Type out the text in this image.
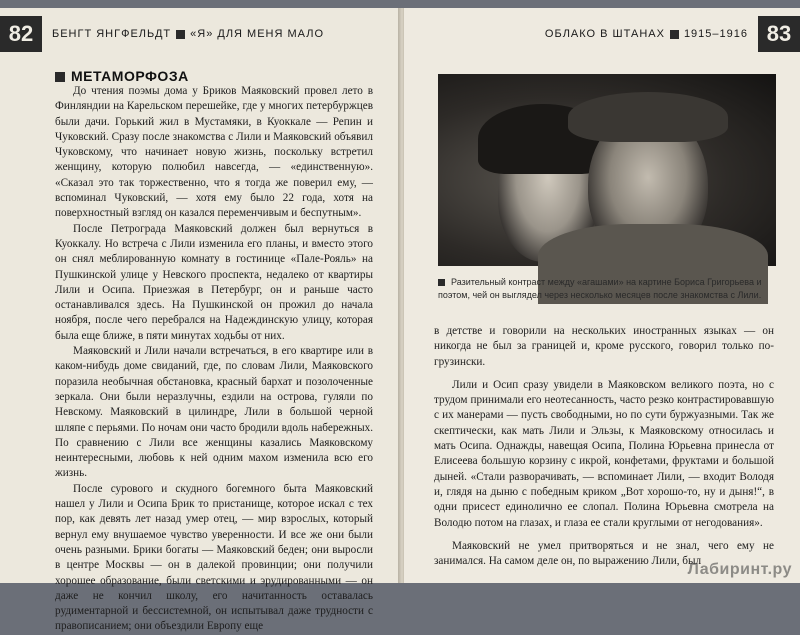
82	БЕНГТ ЯНГФЕЛЬДТ «Я» ДЛЯ МЕНЯ МАЛО
МЕТАМОРФОЗА

До чтения поэмы дома у Бриков Маяковский провел лето в Финляндии на Карельском перешейке, где у многих петербуржцев были дачи. Горький жил в Мустамяки, в Куоккале — Репин и Чуковский. Сразу после знакомства с Лили и Маяковский объявил Чуковскому, что начинает новую жизнь, поскольку встретил женщину, которую полюбил навсегда, — «единственную». «Сказал это так торжественно, что я тогда же поверил ему, — вспоминал Чуковский, — хотя ему было 22 года, хотя на поверхностный взгляд он казался переменчивым и беспутным».

После Петрограда Маяковский должен был вернуться в Куоккалу. Но встреча с Лили изменила его планы, и вместо этого он снял меблированную комнату в гостинице «Пале-Рояль» на Пушкинской улице у Невского проспекта, недалеко от квартиры Лили и Осипа. Приезжая в Петербург, он и раньше часто останавливался здесь. На Пушкинской он прожил до начала ноября, после чего перебрался на Надеждинскую улицу, которая была еще ближе, в пяти минутах ходьбы от них.

Маяковский и Лили начали встречаться, в его квартире или в каком-нибудь доме свиданий, где, по словам Лили, Маяковского поразила необычная обстановка, красный бархат и позолоченные зеркала. Они были неразлучны, ездили на острова, гуляли по Невскому. Маяковский в цилиндре, Лили в большой черной шляпе с перьями. По ночам они часто бродили вдоль набережных. По сравнению с Лили все женщины казались Маяковскому неинтересными, любовь к ней одним махом изменила всю его жизнь.

После сурового и скудного богемного быта Маяковский нашел у Лили и Осипа Брик то пристанище, которое искал с тех пор, как девять лет назад умер отец, — мир взрослых, который вернул ему внушаемое чувство уверенности. И все же они были очень разными. Брики богаты — Маяковский беден; они выросли в центре Москвы — он в далекой провинции; они получили хорошее образование, были светскими и эрудированными — он даже не кончил школу, его начитанность оставалась рудиментарной и бессистемной, он испытывал даже трудности с правописанием; они объездили Европу еще

ОБЛАКО В ШТАНАХ 1915–1916 83
Разительный контраст между «агашами» на картине Бориса Григорьева и поэтом, чей он выглядел через несколько месяцев после знакомства с Лили.

в детстве и говорили на нескольких иностранных языках — он никогда не был за границей и, кроме русского, говорил только по-грузински.

Лили и Осип сразу увидели в Маяковском великого поэта, но с трудом принимали его неотесанность, часто резко контрастировавшую с их манерами — пусть свободными, но по сути буржуазными. Так же скептически, как мать Лили и Эльзы, к Маяковскому относилась и мать Осипа. Однажды, навещая Осипа, Полина Юрьевна принесла от Елисеева большую корзину с икрой, конфетами, фруктами и большой дыней. «Стали разворачивать, — вспоминает Лили, — входит Володя и, глядя на дыню с победным криком „Вот хорошо-то, ну и дыня!“, в одни присест единолично ее слопал. Полина Юрьевна смотрела на Володю потом на глазах, и глаза ее стали круглыми от негодования».

Маяковский не умел притворяться и не знал, чего ему не занимался. На самом деле он, по выражению Лили, был

Лабиринт.ру
